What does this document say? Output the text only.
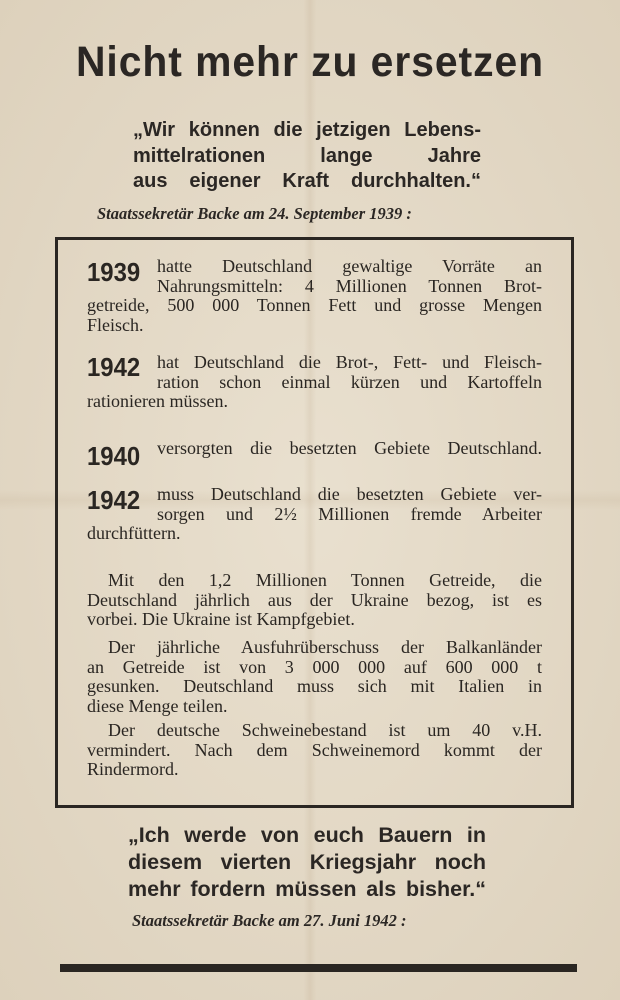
Nicht mehr zu ersetzen
„Wir können die jetzigen Lebens-
mittelrationen lange Jahre
aus eigener Kraft durchhalten.“
Staatssekretär Backe am 24. September 1939 :
1939 hatte Deutschland gewaltige Vorräte an
Nahrungsmitteln: 4 Millionen Tonnen Brot-
getreide, 500 000 Tonnen Fett und grosse Mengen
Fleisch.
1942 hat Deutschland die Brot-, Fett- und Fleisch-
ration schon einmal kürzen und Kartoffeln
rationieren müssen.
1940 versorgten die besetzten Gebiete Deutschland.
1942 muss Deutschland die besetzten Gebiete ver-
sorgen und 2½ Millionen fremde Arbeiter
durchfüttern.
Mit den 1,2 Millionen Tonnen Getreide, die
Deutschland jährlich aus der Ukraine bezog, ist es
vorbei. Die Ukraine ist Kampfgebiet.
Der jährliche Ausfuhrüberschuss der Balkanländer
an Getreide ist von 3 000 000 auf 600 000 t
gesunken. Deutschland muss sich mit Italien in
diese Menge teilen.
Der deutsche Schweinebestand ist um 40 v.H.
vermindert. Nach dem Schweinemord kommt der
Rindermord.
„Ich werde von euch Bauern in
diesem vierten Kriegsjahr noch
mehr fordern müssen als bisher.“
Staatssekretär Backe am 27. Juni 1942 :
